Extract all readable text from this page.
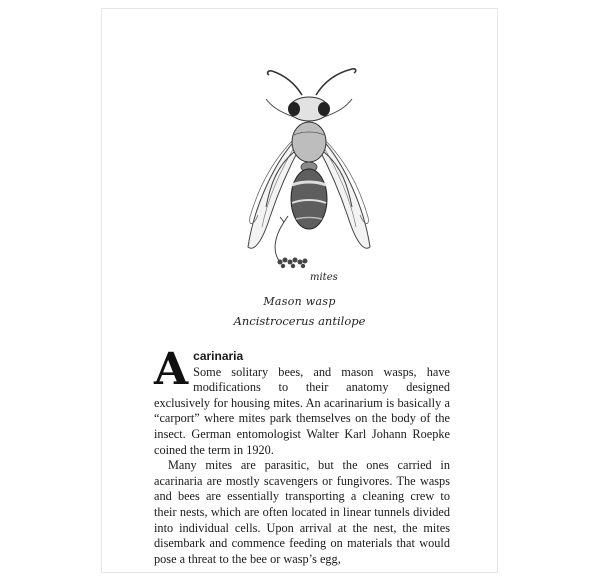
mites
Mason wasp
Ancistrocerus antilope
A carinaria

Some solitary bees, and mason wasps, have modifications to their anatomy designed exclusively for housing mites. An acarinarium is basically a “carport” where mites park themselves on the body of the insect. German entomologist Walter Karl Johann Roepke coined the term in 1920.

Many mites are parasitic, but the ones carried in acarinaria are mostly scavengers or fungivores. The wasps and bees are essentially transporting a cleaning crew to their nests, which are often located in linear tunnels divided into individual cells. Upon arrival at the nest, the mites disembark and commence feeding on materials that would pose a threat to the bee or wasp’s egg,
